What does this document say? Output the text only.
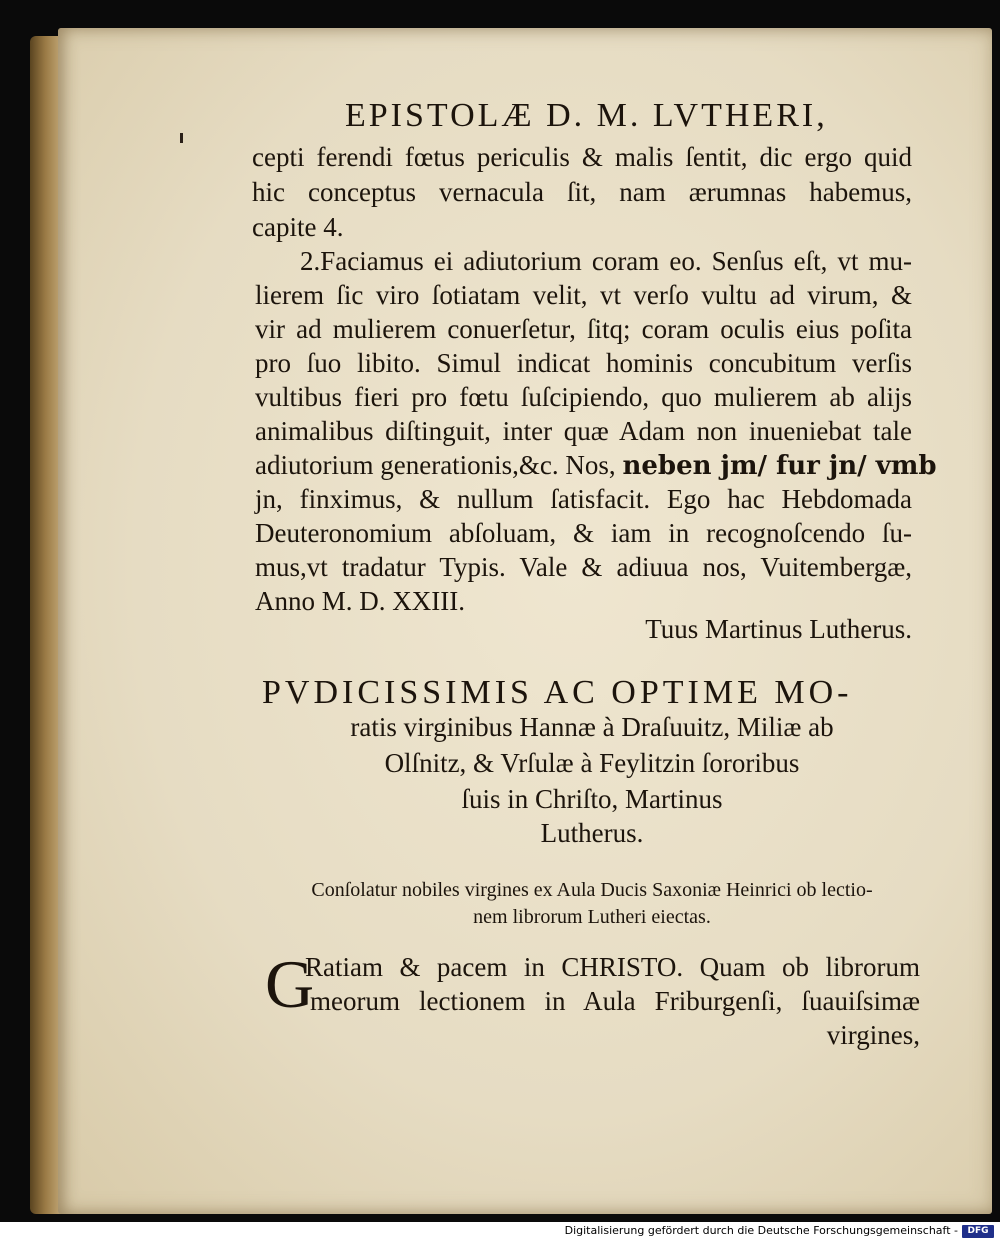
EPISTOLÆ D. M. LVTHERI,
cepti ferendi fœtus periculis & malis ſentit, dic ergo quid
hic conceptus vernacula ſit, nam ærumnas habemus,
capite 4.
2.Faciamus ei adiutorium coram eo. Senſus eſt, vt mu-
lierem ſic viro ſotiatam velit, vt verſo vultu ad virum, &
vir ad mulierem conuerſetur, ſitq; coram oculis eius poſita
pro ſuo libito. Simul indicat hominis concubitum verſis
vultibus fieri pro fœtu ſuſcipiendo, quo mulierem ab alijs
animalibus diſtinguit, inter quæ Adam non inueniebat tale
adiutorium generationis,&c. Nos, neben jm/ fur jn/ vmb
jn, finximus, & nullum ſatisfacit. Ego hac Hebdomada
Deuteronomium abſoluam, & iam in recognoſcendo ſu-
mus,vt tradatur Typis. Vale & adiuua nos, Vuitembergæ,
Anno M. D. XXIII.
Tuus Martinus Lutherus.
PVDICISSIMIS AC OPTIME MO-
ratis virginibus Hannæ à Draſuuitz, Miliæ ab
Olſnitz, & Vrſulæ à Feylitzin ſororibus
ſuis in Chriſto, Martinus
Lutherus.
Conſolatur nobiles virgines ex Aula Ducis Saxoniæ Heinrici ob lectio-
nem librorum Lutheri eiectas.
G
Ratiam & pacem in CHRISTO. Quam ob librorum
meorum lectionem in Aula Friburgenſi, ſuauiſsimæ
virgines,
Digitalisierung gefördert durch die Deutsche Forschungsgemeinschaft -	DFG
